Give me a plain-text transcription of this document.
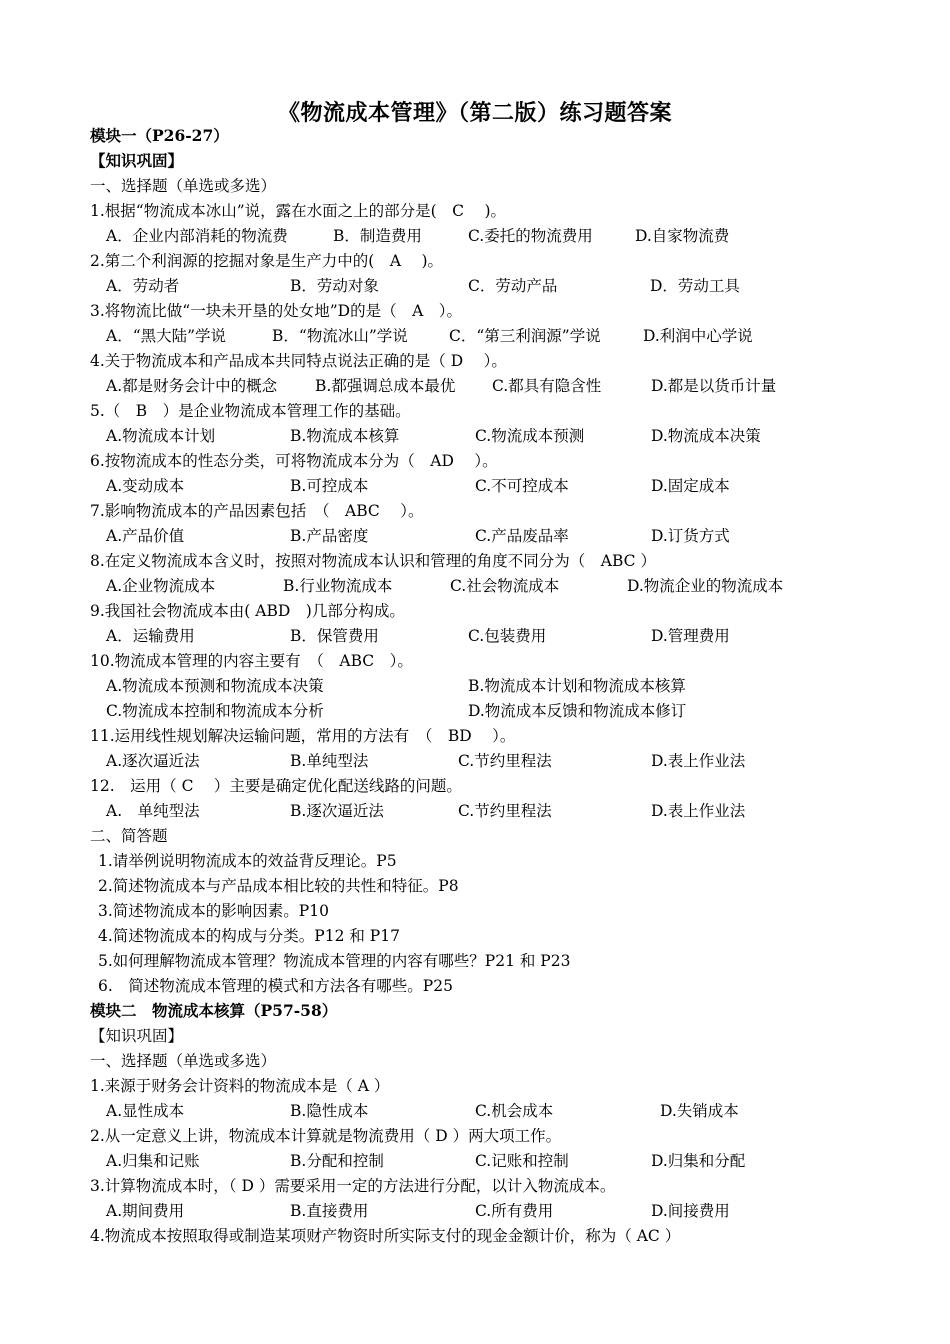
《物流成本管理》（第二版）练习题答案
模块一（P26-27）
【知识巩固】
一、选择题（单选或多选）
1.根据“物流成本冰山”说，露在水面之上的部分是(　C　 )。
A．企业内部消耗的物流费	B．制造费用	C.委托的物流费用	D.自家物流费
2.第二个利润源的挖掘对象是生产力中的(　A　 )。
A．劳动者	B．劳动对象	C．劳动产品	D．劳动工具
3.将物流比做“一块未开垦的处女地”D的是（　A　）。
A．“黑大陆”学说	B．“物流冰山”学说	C．“第三利润源”学说	D.利润中心学说
4.关于物流成本和产品成本共同特点说法正确的是（ D　 ）。
A.都是财务会计中的概念 B.都强调总成本最优 C.都具有隐含性	D.都是以货币计量
5.（　B　）是企业物流成本管理工作的基础。
A.物流成本计划	B.物流成本核算	C.物流成本预测	D.物流成本决策
6.按物流成本的性态分类，可将物流成本分为（　AD　 ）。
A.变动成本	B.可控成本	C.不可控成本	D.固定成本
7.影响物流成本的产品因素包括　（　ABC　 ）。
A.产品价值	B.产品密度	C.产品废品率	D.订货方式
8.在定义物流成本含义时，按照对物流成本认识和管理的角度不同分为（　ABC ）
A.企业物流成本	B.行业物流成本	C.社会物流成本	D.物流企业的物流成本
9.我国社会物流成本由( ABD　)几部分构成。
A．运输费用	B．保管费用	C.包装费用	D.管理费用
10.物流成本管理的内容主要有　（　ABC　）。
A.物流成本预测和物流成本决策	B.物流成本计划和物流成本核算
C.物流成本控制和物流成本分析	D.物流成本反馈和物流成本修订
11.运用线性规划解决运输问题，常用的方法有　（　BD　 ）。
A.逐次逼近法	B.单纯型法	C.节约里程法	D.表上作业法
12.　运用（ C　 ）主要是确定优化配送线路的问题。
A.　单纯型法	B.逐次逼近法	C.节约里程法	D.表上作业法
二、简答题
1.请举例说明物流成本的效益背反理论。P5
2.简述物流成本与产品成本相比较的共性和特征。P8
3.简述物流成本的影响因素。P10
4.简述物流成本的构成与分类。P12 和 P17
5.如何理解物流成本管理？物流成本管理的内容有哪些？P21 和 P23
6.　简述物流成本管理的模式和方法各有哪些。P25
模块二　物流成本核算（P57-58）
【知识巩固】
一、选择题（单选或多选）
1.来源于财务会计资料的物流成本是（ A ）
A.显性成本	B.隐性成本	C.机会成本	D.失销成本
2.从一定意义上讲，物流成本计算就是物流费用（ D ）两大项工作。
A.归集和记账	B.分配和控制	C.记账和控制	D.归集和分配
3.计算物流成本时，（ D ）需要采用一定的方法进行分配，以计入物流成本。
A.期间费用	B.直接费用	C.所有费用	D.间接费用
4.物流成本按照取得或制造某项财产物资时所实际支付的现金金额计价，称为（ AC ）
